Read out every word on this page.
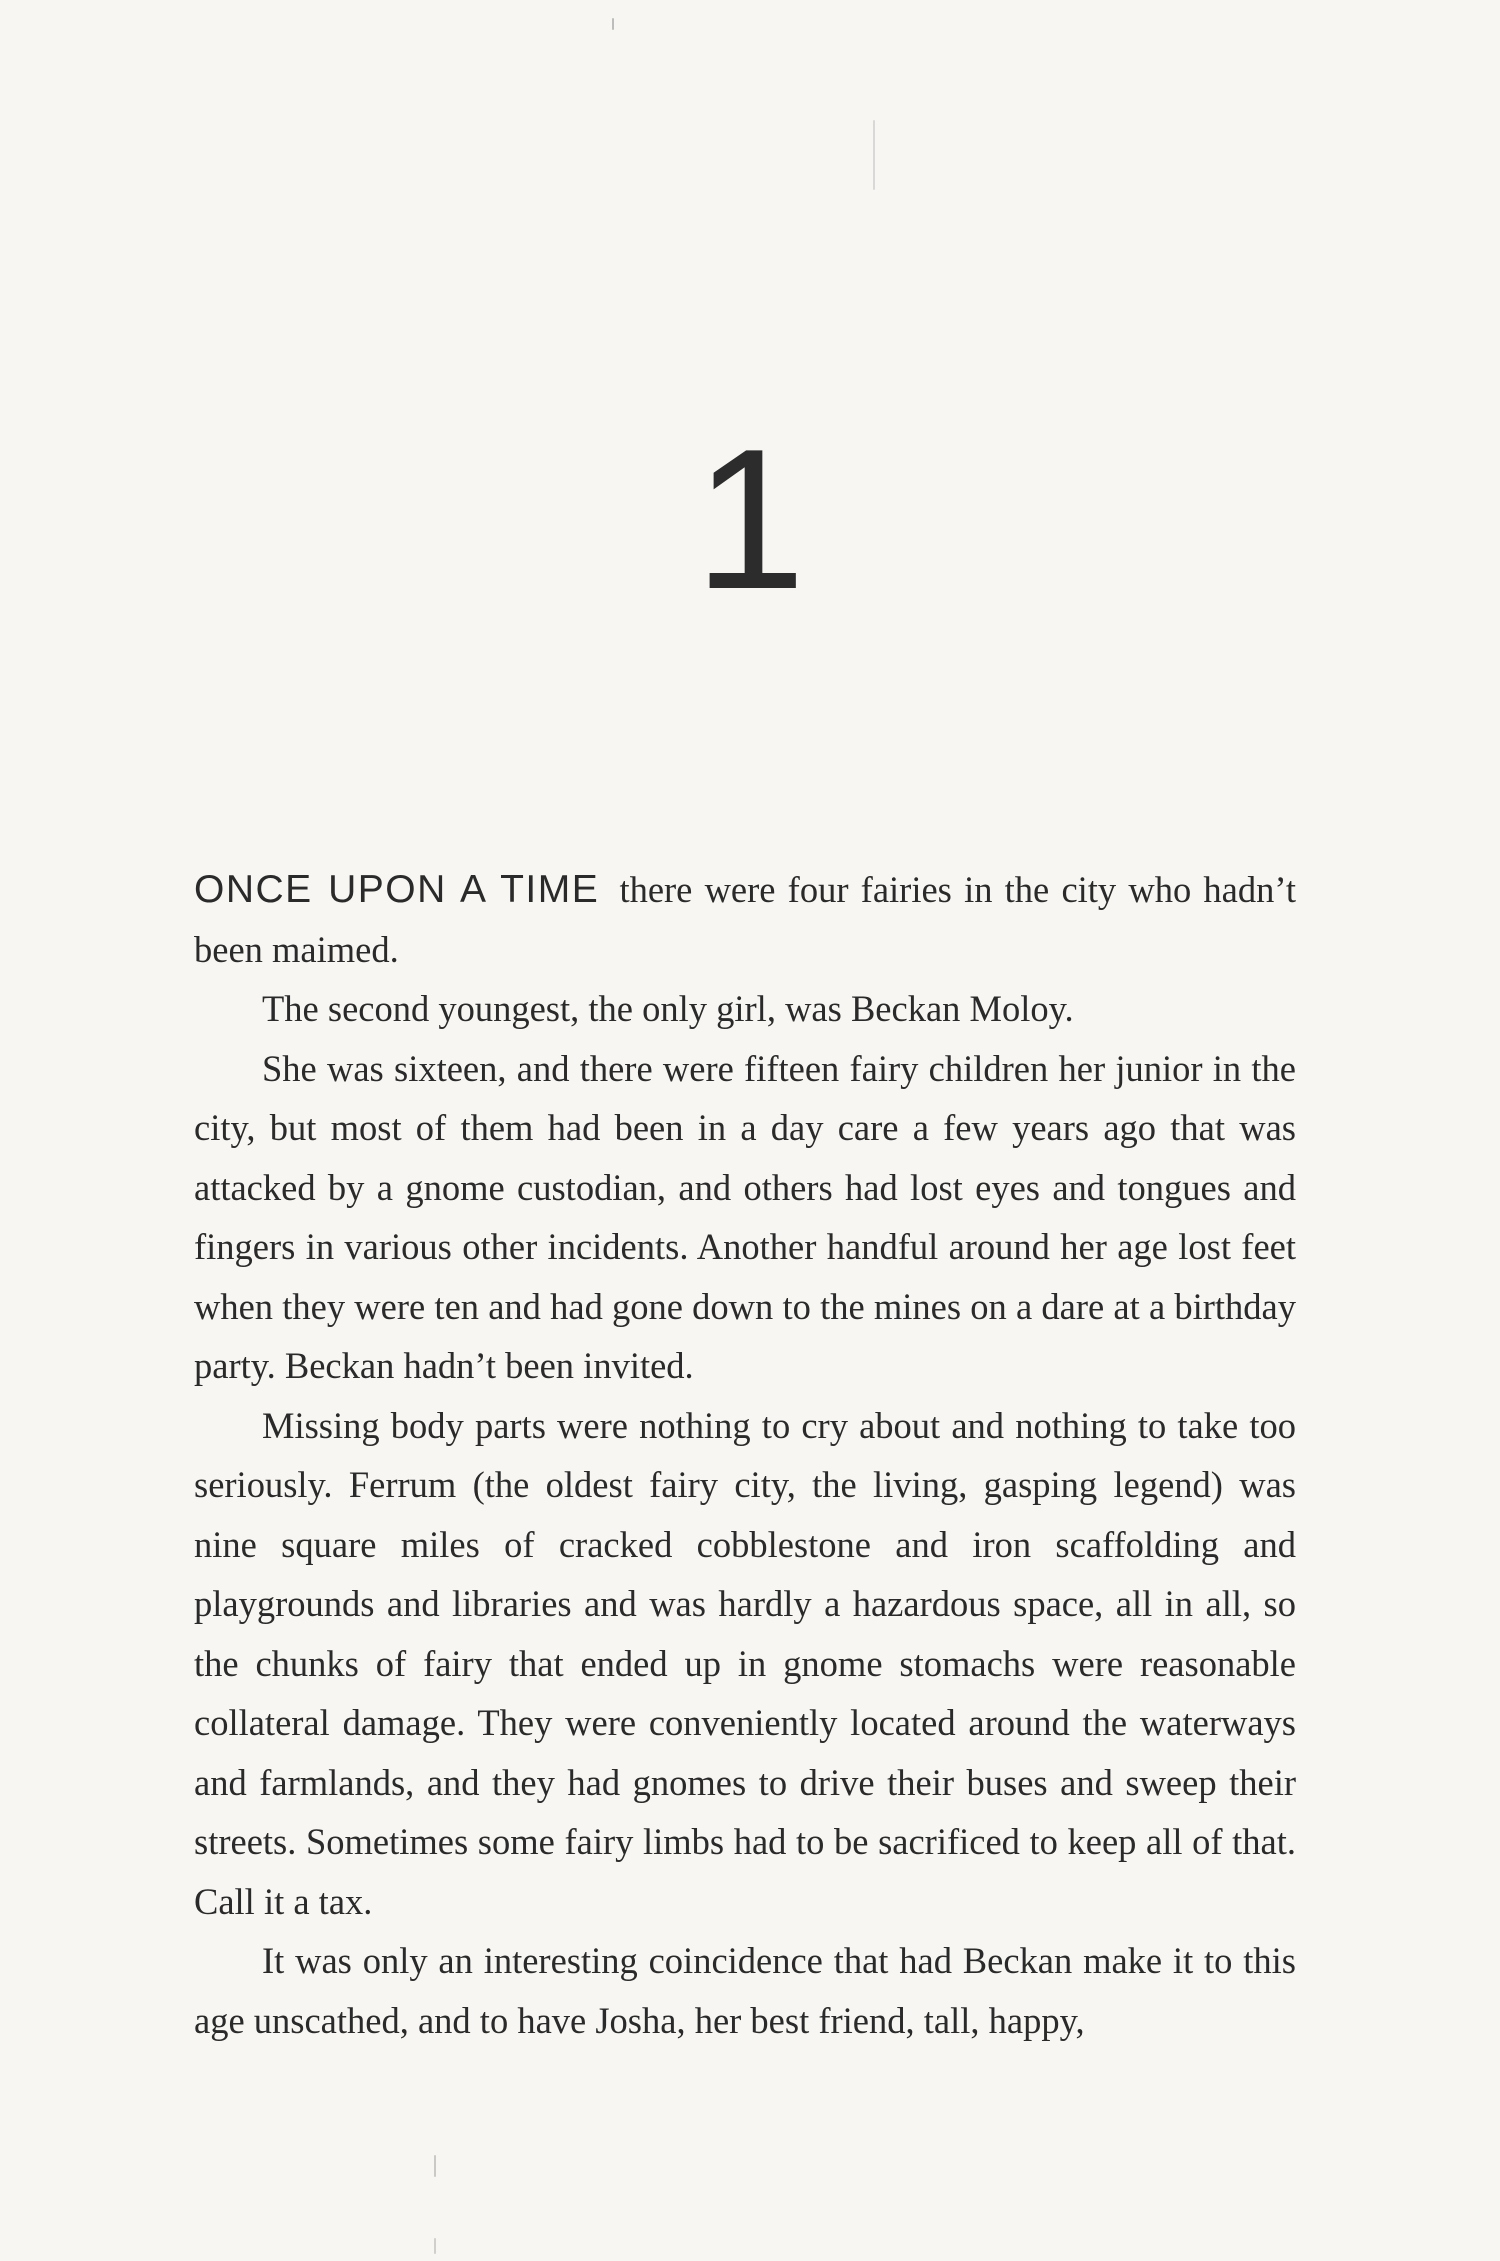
1

ONCE UPON A TIME there were four fairies in the city who hadn’t been maimed.

The second youngest, the only girl, was Beckan Moloy.

She was sixteen, and there were fifteen fairy children her junior in the city, but most of them had been in a day care a few years ago that was attacked by a gnome custodian, and others had lost eyes and tongues and fingers in various other incidents. Another handful around her age lost feet when they were ten and had gone down to the mines on a dare at a birthday party. Beckan hadn’t been invited.

Missing body parts were nothing to cry about and nothing to take too seriously. Ferrum (the oldest fairy city, the living, gasping legend) was nine square miles of cracked cobblestone and iron scaffolding and playgrounds and libraries and was hardly a hazardous space, all in all, so the chunks of fairy that ended up in gnome stomachs were reasonable collateral damage. They were conveniently located around the waterways and farmlands, and they had gnomes to drive their buses and sweep their streets. Sometimes some fairy limbs had to be sacrificed to keep all of that. Call it a tax.

It was only an interesting coincidence that had Beckan make it to this age unscathed, and to have Josha, her best friend, tall, happy,
